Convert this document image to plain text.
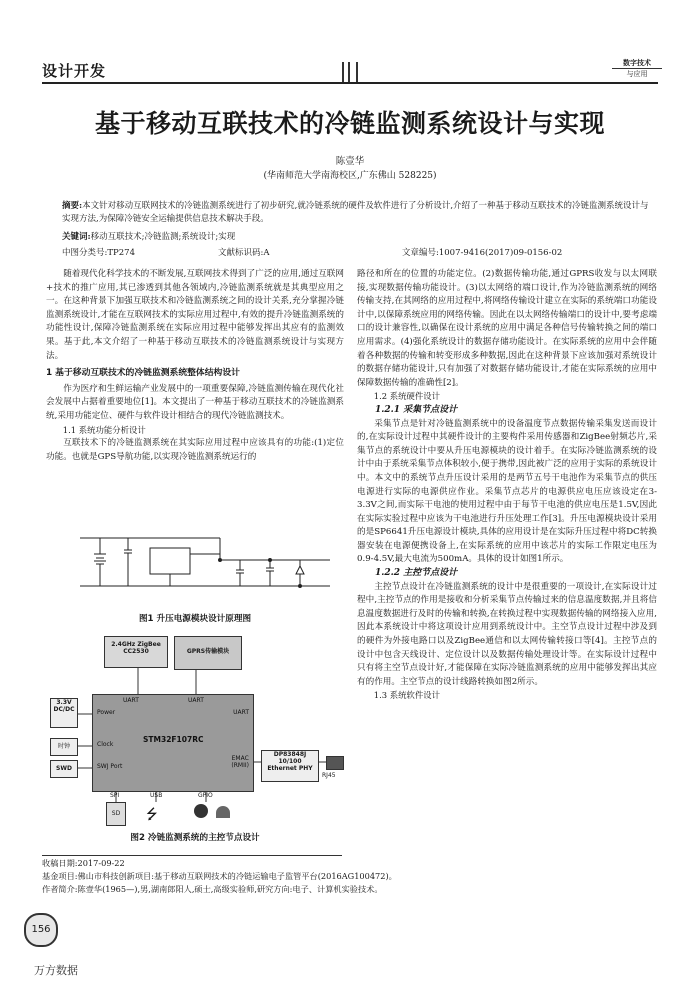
设计开发	数字技术
与应用
基于移动互联技术的冷链监测系统设计与实现
陈壹华
(华南师范大学南海校区,广东佛山 528225)
摘要:本文针对移动互联网技术的冷链监测系统进行了初步研究,就冷链系统的硬件及软件进行了分析设计,介绍了一种基于移动互联技术的冷链监测系统设计与实现方法,为保障冷链安全运输提供信息技术解决手段。
关键词:移动互联技术;冷链监测;系统设计;实现
中图分类号:TP274	文献标识码:A	文章编号:1007-9416(2017)09-0156-02

随着现代化科学技术的不断发展,互联网技术得到了广泛的应用,通过互联网+技术的推广应用,其已渗透到其他各领域内,冷链监测系统就是其典型应用之一。在这种背景下加强互联技术和冷链监测系统之间的设计关系,充分掌握冷链监测系统设计,才能在互联网技术的实际应用过程中,有效的提升冷链监测系统的功能性设计,保障冷链监测系统在实际应用过程中能够发挥出其应有的监测效果。基于此,本文介绍了一种基于移动互联技术的冷链监测系统设计与实现方法。

1 基于移动互联技术的冷链监测系统整体结构设计

作为医疗和生鲜运输产业发展中的一项重要保障,冷链监测传输在现代化社会发展中占据着重要地位[1]。本文提出了一种基于移动互联技术的冷链监测系统,采用功能定位、硬件与软件设计相结合的现代冷链监测技术。

1.1 系统功能分析设计

互联技术下的冷链监测系统在其实际应用过程中应该具有的功能:(1)定位功能。也就是GPS导航功能,以实现冷链监测系统运行的

图1 升压电源模块设计原理图
2.4GHz ZigBee
CC2530	GPRS传输模块
UART	UART
Power	UART
Clock
SWJ Port
STM32F107RC
EMAC
(RMII)
3.3V
DC/DC
时钟
SWD
DP83848J
10/100
Ethernet PHY
RJ45
SPI	USB	GPIO
SD	⭍
图2 冷链监测系统的主控节点设计

路径和所在的位置的功能定位。(2)数据传输功能,通过GPRS收发与以太网联接,实现数据传输功能设计。(3)以太网络的端口设计,作为冷链监测系统的网络传输支持,在其网络的应用过程中,将网络传输设计建立在实际的系统端口功能设计中,以保障系统应用的网络传输。因此在以太网络传输端口的设计中,要考虑端口的设计兼容性,以确保在设计系统的应用中满足各种信号传输转换之间的端口应用需求。(4)强化系统设计的数据存储功能设计。在实际系统的应用中会伴随着各种数据的传输和转变形成多种数据,因此在这种背景下应该加强对系统设计的数据存储功能设计,只有加强了对数据存储功能设计,才能在实际系统的应用中保障数据传输的准确性[2]。

1.2 系统硬件设计
1.2.1 采集节点设计

采集节点是针对冷链监测系统中的设备温度节点数据传输采集发送而设计的,在实际设计过程中其硬件设计的主要构件采用传感器和ZigBee射频芯片,采集节点的系统设计中要从升压电源模块的设计着手。在实际冷链监测系统的设计中由于系统采集节点体积较小,便于携带,因此被广泛的应用于实际的系统设计中。本文中的系统节点升压设计采用的是两节五号干电池作为采集节点的供压电源进行实际的电源供应作业。采集节点芯片的电源供应电压应该设定在3-3.3V之间,而实际干电池的使用过程中由于每节干电池的供应电压是1.5V,因此在实际实验过程中应该为干电池进行升压处理工作[3]。升压电源模块设计采用的是SP6641升压电源设计模块,具体的应用设计是在实际升压过程中将DC转换器安装在电源便携设备上,在实际系统的应用中该芯片的实际工作限定电压为0.9-4.5V,最大电流为500mA。具体的设计如图1所示。

1.2.2 主控节点设计

主控节点设计在冷链监测系统的设计中是很重要的一项设计,在实际设计过程中,主控节点的作用是接收和分析采集节点传输过来的信息温度数据,并且将信息温度数据进行及时的传输和转换,在转换过程中实现数据传输的网络接入应用,因此本系统设计中将这项设计应用到系统设计中。主空节点设计过程中涉及到的硬件为外接电路口以及ZigBee通信和以太网传输转接口等[4]。主控节点的设计中包含天线设计、定位设计以及数据传输处理设计等。在实际设计过程中只有将主空节点设计好,才能保障在实际冷链监测系统的应用中能够发挥出其应有的作用。主空节点的设计线路转换如图2所示。

1.3 系统软件设计
收稿日期:2017-09-22
基金项目:佛山市科技创新项目:基于移动互联网技术的冷链运输电子监管平台(2016AG100472)。
作者简介:陈壹华(1965—),男,湖南郎阳人,硕士,高级实验师,研究方向:电子、计算机实验技术。
156
万方数据
